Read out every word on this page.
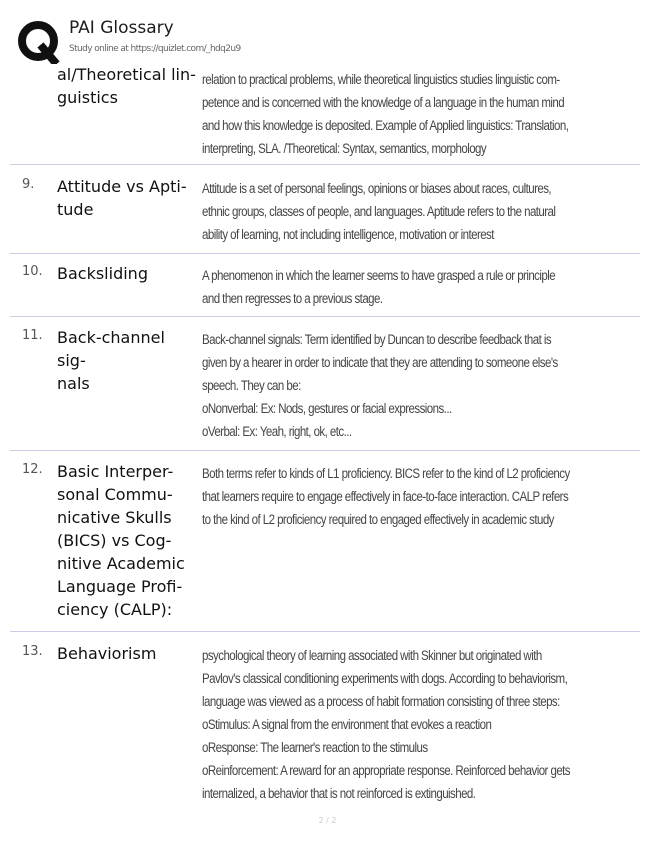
PAI Glossary
Study online at https://quizlet.com/_hdq2u9
al/Theoretical lin-
guistics
relation to practical problems, while theoretical linguistics studies linguistic com-
petence and is concerned with the knowledge of a language in the human mind
and how this knowledge is deposited. Example of Applied linguistics: Translation,
interpreting, SLA. /Theoretical: Syntax, semantics, morphology
9. Attitude vs Apti-
tude
Attitude is a set of personal feelings, opinions or biases about races, cultures,
ethnic groups, classes of people, and languages. Aptitude refers to the natural
ability of learning, not including intelligence, motivation or interest
10. Backsliding	A phenomenon in which the learner seems to have grasped a rule or principle
and then regresses to a previous stage.
11. Back-channel sig-
nals
Back-channel signals: Term identified by Duncan to describe feedback that is
given by a hearer in order to indicate that they are attending to someone else's
speech. They can be:
oNonverbal: Ex: Nods, gestures or facial expressions...
oVerbal: Ex: Yeah, right, ok, etc...
12. Basic Interper-
sonal Commu-
nicative Skulls
(BICS) vs Cog-
nitive Academic
Language Profi-
ciency (CALP):
Both terms refer to kinds of L1 proficiency. BICS refer to the kind of L2 proficiency
that learners require to engage effectively in face-to-face interaction. CALP refers
to the kind of L2 proficiency required to engaged effectively in academic study
13. Behaviorism	psychological theory of learning associated with Skinner but originated with
Pavlov's classical conditioning experiments with dogs. According to behaviorism,
language was viewed as a process of habit formation consisting of three steps:
oStimulus: A signal from the environment that evokes a reaction
oResponse: The learner's reaction to the stimulus
oReinforcement: A reward for an appropriate response. Reinforced behavior gets
internalized, a behavior that is not reinforced is extinguished.
2 / 2
